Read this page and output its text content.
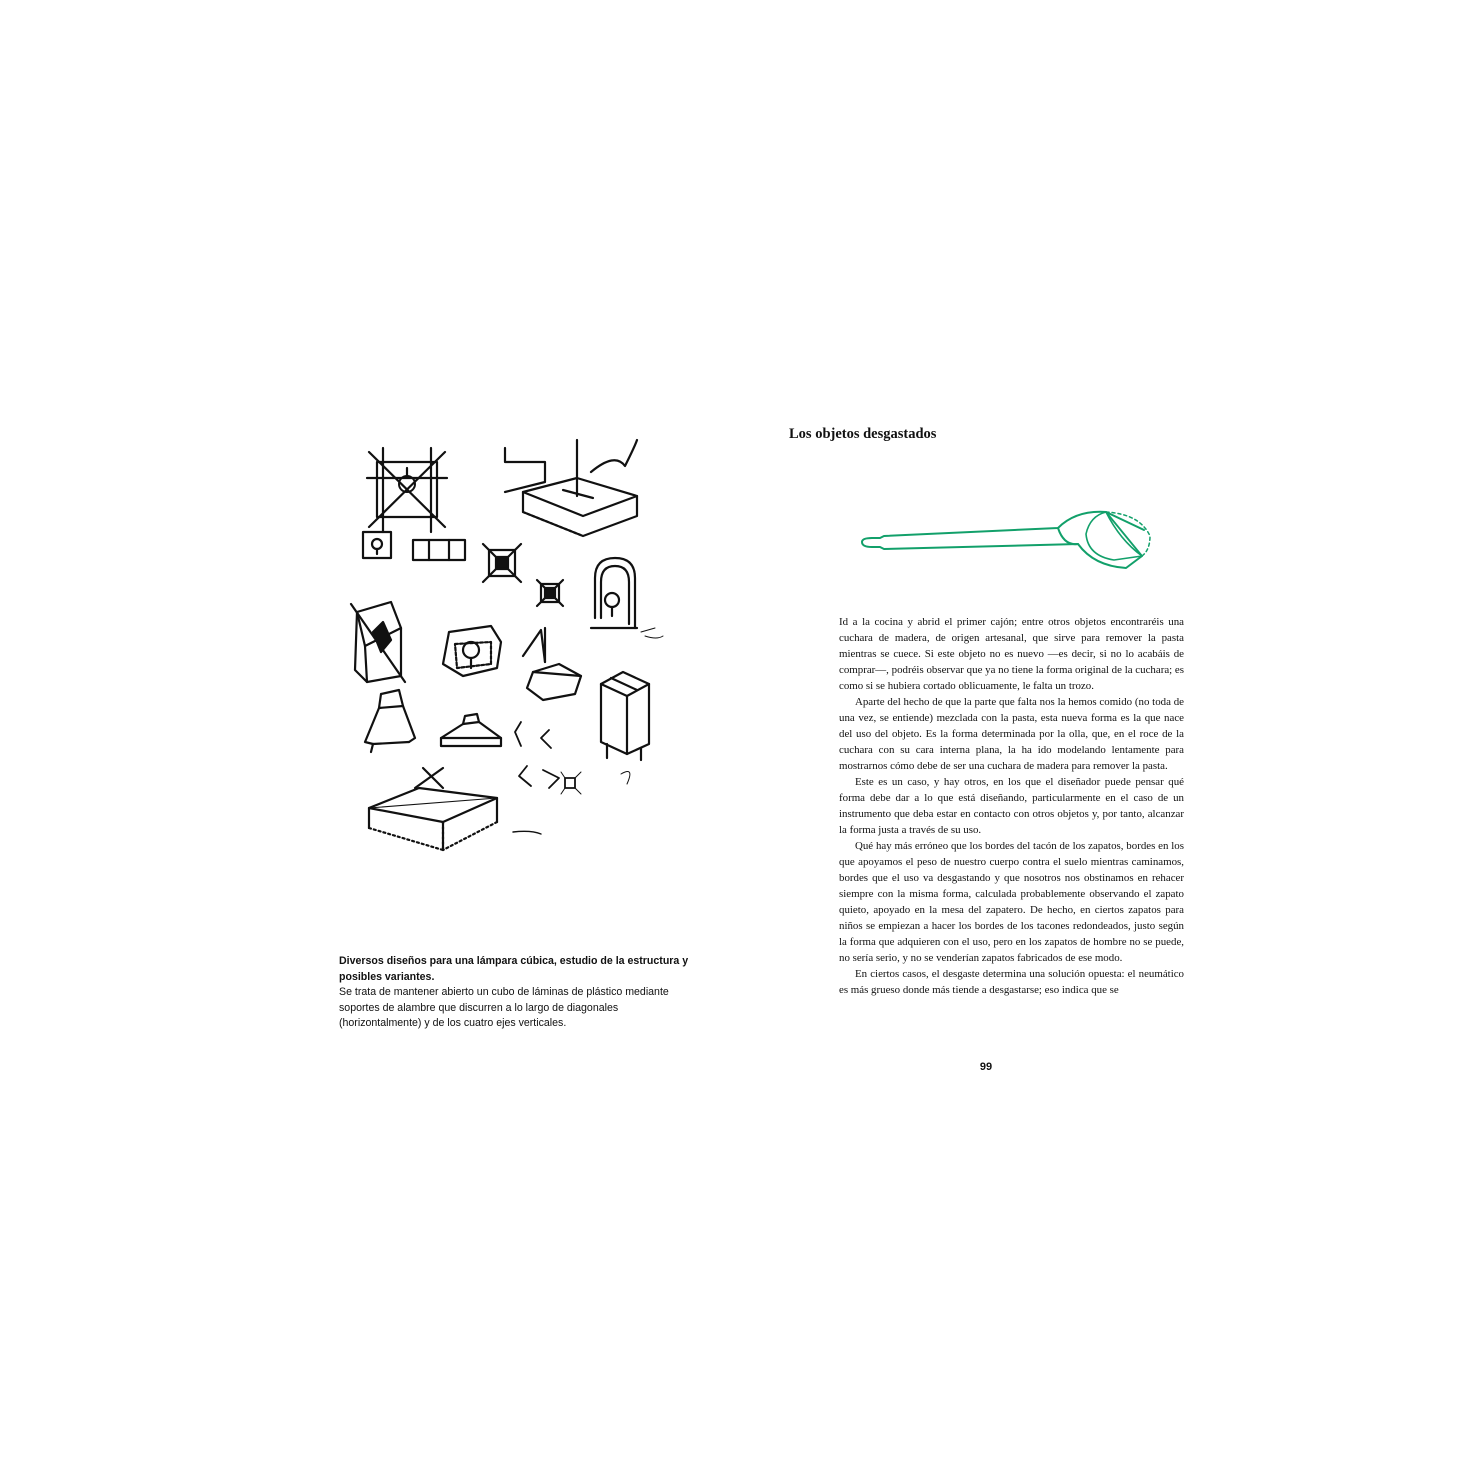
Diversos diseños para una lámpara cúbica, estudio de la estructura y posibles variantes.
Se trata de mantener abierto un cubo de láminas de plástico mediante soportes de alambre que discurren a lo largo de diagonales (horizontalmente) y de los cuatro ejes verticales.
Los objetos desgastados

Id a la cocina y abrid el primer cajón; entre otros objetos encontraréis una cuchara de madera, de origen artesanal, que sirve para remover la pasta mientras se cuece. Si este objeto no es nuevo —es decir, si no lo acabáis de comprar—, podréis observar que ya no tiene la forma original de la cuchara; es como si se hubiera cortado oblicuamente, le falta un trozo.

Aparte del hecho de que la parte que falta nos la hemos comido (no toda de una vez, se entiende) mezclada con la pasta, esta nueva forma es la que nace del uso del objeto. Es la forma determinada por la olla, que, en el roce de la cuchara con su cara interna plana, la ha ido modelando lentamente para mostrarnos cómo debe de ser una cuchara de madera para remover la pasta.

Este es un caso, y hay otros, en los que el diseñador puede pensar qué forma debe dar a lo que está diseñando, particularmente en el caso de un instrumento que deba estar en contacto con otros objetos y, por tanto, alcanzar la forma justa a través de su uso.

Qué hay más erróneo que los bordes del tacón de los zapatos, bordes en los que apoyamos el peso de nuestro cuerpo contra el suelo mientras caminamos, bordes que el uso va desgastando y que nosotros nos obstinamos en rehacer siempre con la misma forma, calculada probablemente observando el zapato quieto, apoyado en la mesa del zapatero. De hecho, en ciertos zapatos para niños se empiezan a hacer los bordes de los tacones redondeados, justo según la forma que adquieren con el uso, pero en los zapatos de hombre no se puede, no sería serio, y no se venderían zapatos fabricados de ese modo.

En ciertos casos, el desgaste determina una solución opuesta: el neumático es más grueso donde más tiende a desgastarse; eso indica que se

99
